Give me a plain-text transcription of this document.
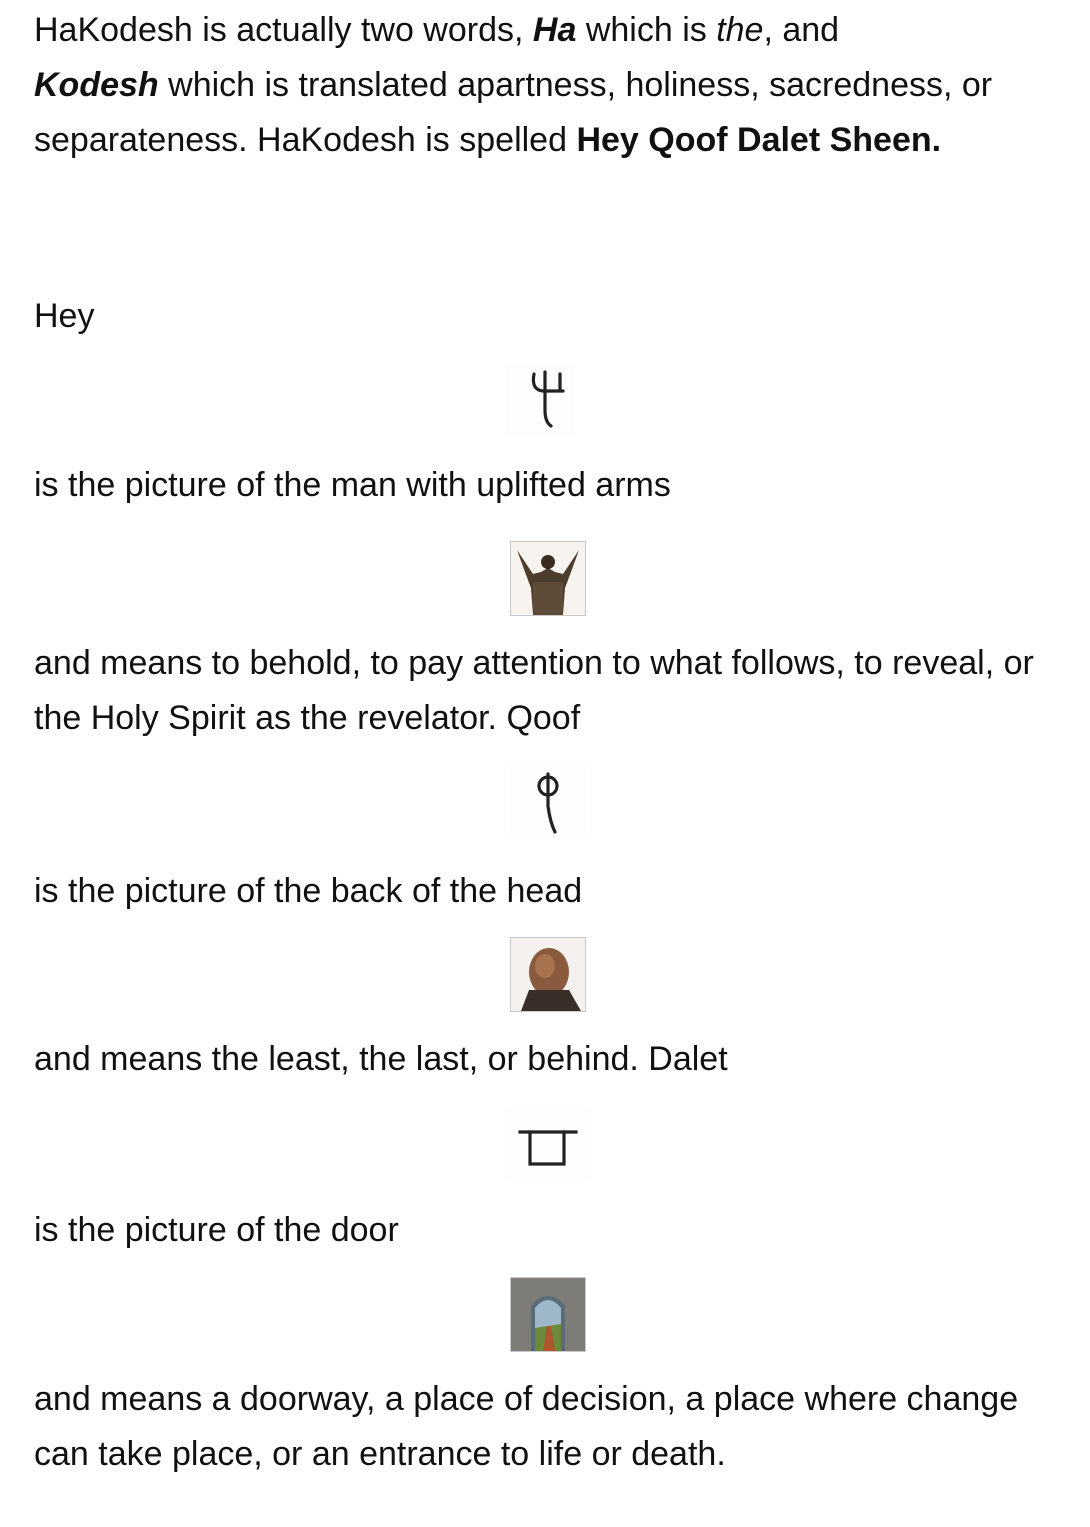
HaKodesh is actually two words, Ha which is the, and
Kodesh which is translated apartness, holiness, sacredness, or separateness. HaKodesh is spelled Hey Qoof Dalet Sheen.
Hey
is the picture of the man with uplifted arms
and means to behold, to pay attention to what follows, to reveal, or the Holy Spirit as the revelator. Qoof
is the picture of the back of the head
and means the least, the last, or behind. Dalet
is the picture of the door
and means a doorway, a place of decision, a place where change can take place, or an entrance to life or death.
